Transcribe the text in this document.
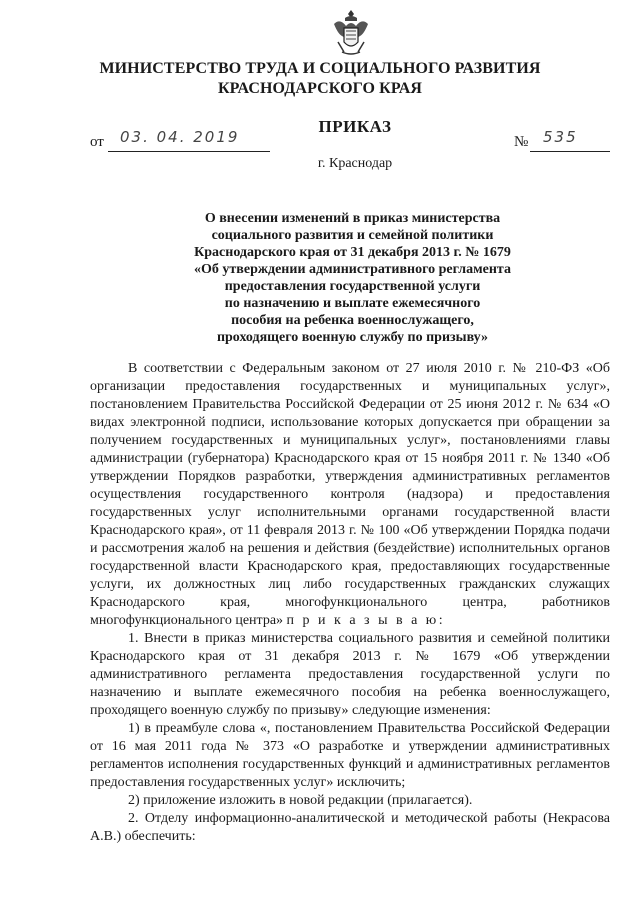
МИНИСТЕРСТВО ТРУДА И СОЦИАЛЬНОГО РАЗВИТИЯ
КРАСНОДАРСКОГО КРАЯ
ПРИКАЗ
от 03. 04. 2019	№ 535
г. Краснодар
О внесении изменений в приказ министерства
социального развития и семейной политики
Краснодарского края от 31 декабря 2013 г. № 1679
«Об утверждении административного регламента
предоставления государственной услуги
по назначению и выплате ежемесячного
пособия на ребенка военнослужащего,
проходящего военную службу по призыву»

В соответствии с Федеральным законом от 27 июля 2010 г. № 210-ФЗ «Об организации предоставления государственных и муниципальных услуг», постановлением Правительства Российской Федерации от 25 июня 2012 г. № 634 «О видах электронной подписи, использование которых допускается при обращении за получением государственных и муниципальных услуг», постановлениями главы администрации (губернатора) Краснодарского края от 15 ноября 2011 г. № 1340 «Об утверждении Порядков разработки, утверждения административных регламентов осуществления государственного контроля (надзора) и предоставления государственных услуг исполнительными органами государственной власти Краснодарского края», от 11 февраля 2013 г. № 100 «Об утверждении Порядка подачи и рассмотрения жалоб на решения и действия (бездействие) исполнительных органов государственной власти Краснодарского края, предоставляющих государственные услуги, их должностных лиц либо государственных гражданских служащих Краснодарского края, многофункционального центра, работников многофункционального центра» п р и к а з ы в а ю:

1. Внести в приказ министерства социального развития и семейной политики Краснодарского края от 31 декабря 2013 г. № 1679 «Об утверждении административного регламента предоставления государственной услуги по назначению и выплате ежемесячного пособия на ребенка военнослужащего, проходящего военную службу по призыву» следующие изменения:

1) в преамбуле слова «, постановлением Правительства Российской Федерации от 16 мая 2011 года № 373 «О разработке и утверждении административных регламентов исполнения государственных функций и административных регламентов предоставления государственных услуг» исключить;

2) приложение изложить в новой редакции (прилагается).

2. Отделу информационно-аналитической и методической работы (Некрасова А.В.) обеспечить:
